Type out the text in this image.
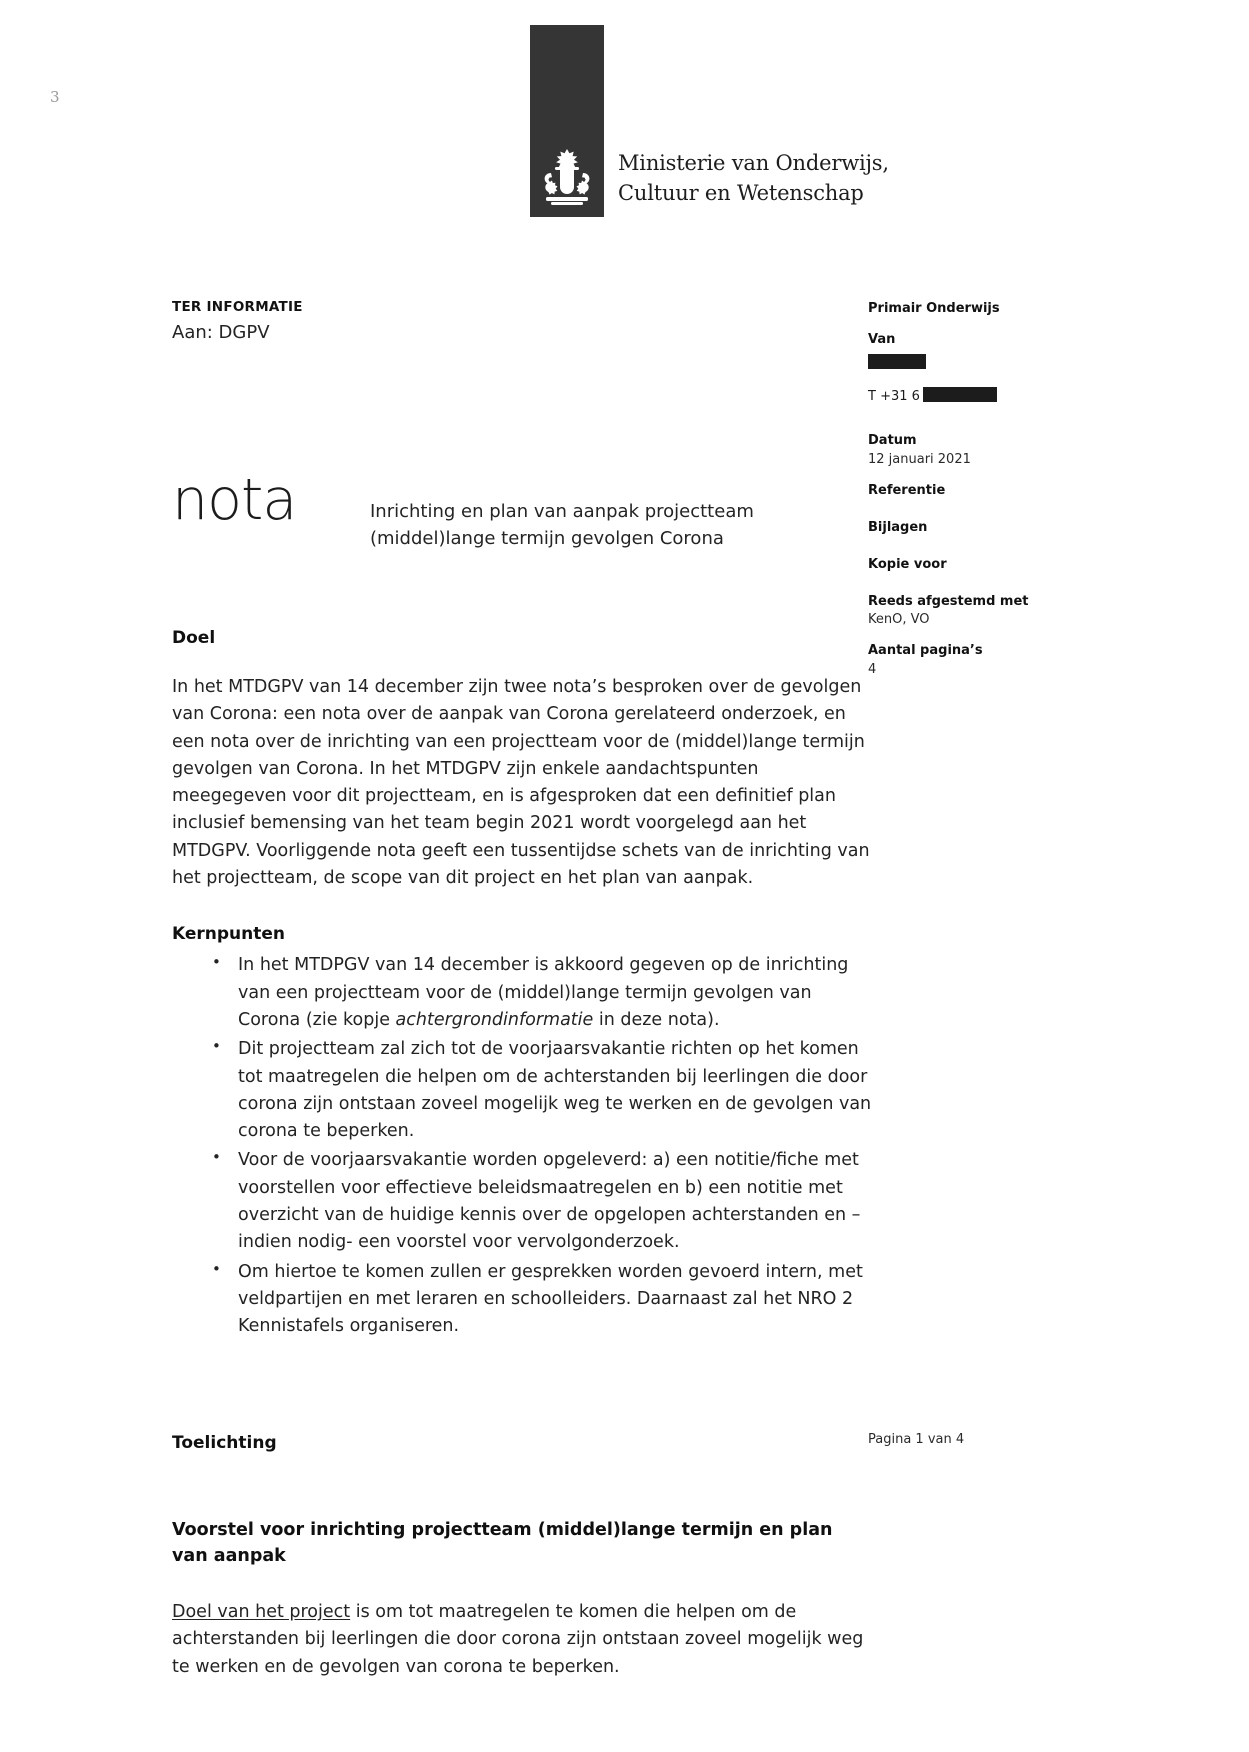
3
Ministerie van Onderwijs, Cultuur en Wetenschap
TER INFORMATIE
Aan: DGPV
Primair Onderwijs
Van
T +31 6
Datum
12 januari 2021
Referentie
Bijlagen
Kopie voor
Reeds afgestemd met
KenO, VO
Aantal pagina’s
4
nota	Inrichting en plan van aanpak projectteam (middel)lange termijn gevolgen Corona
Doel

In het MTDGPV van 14 december zijn twee nota’s besproken over de gevolgen van Corona: een nota over de aanpak van Corona gerelateerd onderzoek, en een nota over de inrichting van een projectteam voor de (middel)lange termijn gevolgen van Corona. In het MTDGPV zijn enkele aandachtspunten meegegeven voor dit projectteam, en is afgesproken dat een definitief plan inclusief bemensing van het team begin 2021 wordt voorgelegd aan het MTDGPV. Voorliggende nota geeft een tussentijdse schets van de inrichting van het projectteam, de scope van dit project en het plan van aanpak.

Kernpunten
• In het MTDPGV van 14 december is akkoord gegeven op de inrichting van een projectteam voor de (middel)lange termijn gevolgen van Corona (zie kopje achtergrondinformatie in deze nota).
• Dit projectteam zal zich tot de voorjaarsvakantie richten op het komen tot maatregelen die helpen om de achterstanden bij leerlingen die door corona zijn ontstaan zoveel mogelijk weg te werken en de gevolgen van corona te beperken.
• Voor de voorjaarsvakantie worden opgeleverd: a) een notitie/fiche met voorstellen voor effectieve beleidsmaatregelen en b) een notitie met overzicht van de huidige kennis over de opgelopen achterstanden en – indien nodig- een voorstel voor vervolgonderzoek.
• Om hiertoe te komen zullen er gesprekken worden gevoerd intern, met veldpartijen en met leraren en schoolleiders. Daarnaast zal het NRO 2 Kennistafels organiseren.
Toelichting
Voorstel voor inrichting projectteam (middel)lange termijn en plan van aanpak

Doel van het project is om tot maatregelen te komen die helpen om de achterstanden bij leerlingen die door corona zijn ontstaan zoveel mogelijk weg te werken en de gevolgen van corona te beperken.

Pagina 1 van 4
